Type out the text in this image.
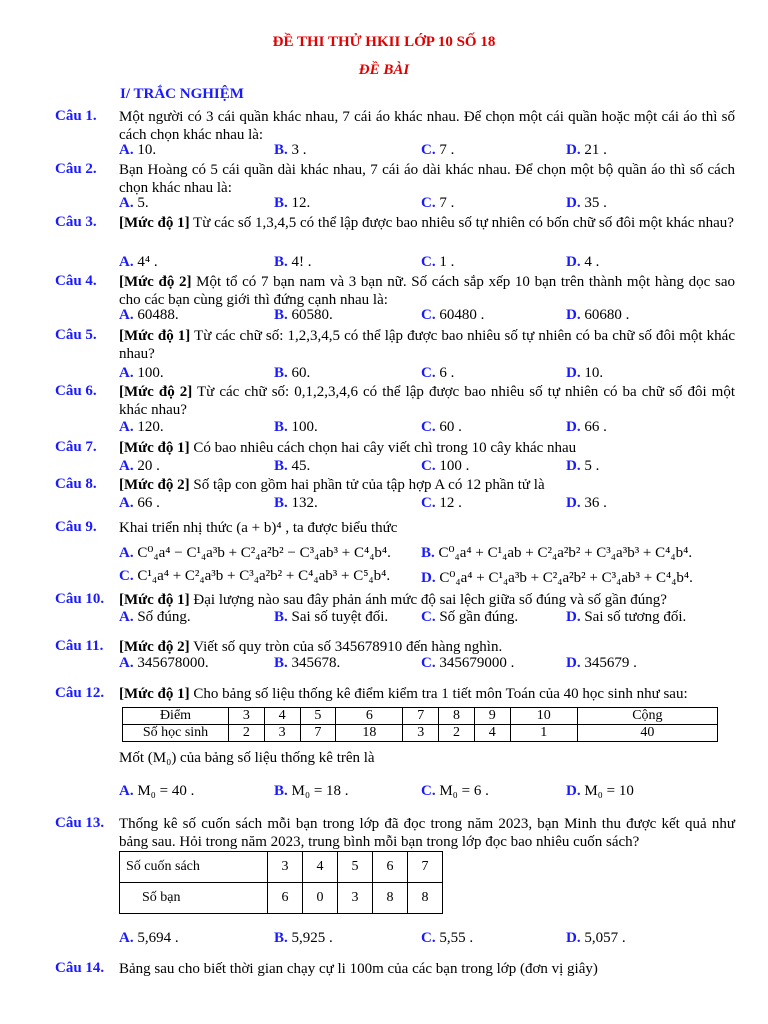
ĐỀ THI THỬ HKII LỚP 10 SỐ 18
ĐỀ BÀI
I/ TRẮC NGHIỆM
Câu 1. Một người có 3 cái quần khác nhau, 7 cái áo khác nhau. Để chọn một cái quần hoặc một cái áo thì số cách chọn khác nhau là:
Câu 2. Bạn Hoàng có 5 cái quần dài khác nhau, 7 cái áo dài khác nhau. Để chọn một bộ quần áo thì số cách chọn khác nhau là:
Câu 3. [Mức độ 1] Từ các số 1,3,4,5 có thể lập được bao nhiêu số tự nhiên có bốn chữ số đôi một khác nhau?
Câu 4. [Mức độ 2] Một tổ có 7 bạn nam và 3 bạn nữ. Số cách sắp xếp 10 bạn trên thành một hàng dọc sao cho các bạn cùng giới thì đứng cạnh nhau là:
Câu 5. [Mức độ 1] Từ các chữ số: 1,2,3,4,5 có thể lập được bao nhiêu số tự nhiên có ba chữ số đôi một khác nhau?
Câu 6. [Mức độ 2] Từ các chữ số: 0,1,2,3,4,6 có thể lập được bao nhiêu số tự nhiên có ba chữ số đôi một khác nhau?
Câu 7. [Mức độ 1] Có bao nhiêu cách chọn hai cây viết chì trong 10 cây khác nhau
Câu 8. [Mức độ 2] Số tập con gồm hai phần tử của tập hợp A có 12 phần tử là
Câu 9. Khai triển nhị thức (a + b)⁴ , ta được biểu thức
Câu 10. [Mức độ 1] Đại lượng nào sau đây phản ánh mức độ sai lệch giữa số đúng và số gần đúng?
Câu 11. [Mức độ 2] Viết số quy tròn của số 345678910 đến hàng nghìn.
Câu 12. [Mức độ 1] Cho bảng số liệu thống kê điểm kiểm tra 1 tiết môn Toán của 40 học sinh như sau:
Câu 13. Thống kê số cuốn sách mỗi bạn trong lớp đã đọc trong năm 2023, bạn Minh thu được kết quả như bảng sau. Hỏi trong năm 2023, trung bình mỗi bạn trong lớp đọc bao nhiêu cuốn sách?
Câu 14. Bảng sau cho biết thời gian chạy cự li 100m của các bạn trong lớp (đơn vị giây)
Mốt (M₀) của bảng số liệu thống kê trên là
Điểm	3	4	5	6	7	8	9	10	Cộng
Số học sinh	2	3	7	18	3	2	4	1	40
Số cuốn sách	3	4	5	6	7
Số bạn	6	0	3	8	8
A. 10.	B. 3 .	C. 7 .	D. 21 .
A. 5.	B. 12.	C. 7 .	D. 35 .
A. 4⁴ .	B. 4! .	C. 1 .	D. 4 .
A. 60488.	B. 60580.	C. 60480 .	D. 60680 .
A. 100.	B. 60.	C. 6 .	D. 10.
A. 120.	B. 100.	C. 60 .	D. 66 .
A. 20 .	B. 45.	C. 100 .	D. 5 .
A. 66 .	B. 132.	C. 12 .	D. 36 .
A. C⁰₄a⁴ − C¹₄a³b + C²₄a²b² − C³₄ab³ + C⁴₄b⁴. B. C⁰₄a⁴ + C¹₄ab + C²₄a²b² + C³₄a³b³ + C⁴₄b⁴.
C. C¹₄a⁴ + C²₄a³b + C³₄a²b² + C⁴₄ab³ + C⁵₄b⁴. D. C⁰₄a⁴ + C¹₄a³b + C²₄a²b² + C³₄ab³ + C⁴₄b⁴.
A. Số đúng.	B. Sai số tuyệt đối. C. Số gần đúng.	D. Sai số tương đối.
A. 345678000.	B. 345678.	C. 345679000 .	D. 345679 .
A. M₀ = 40 .	B. M₀ = 18 .	C. M₀ = 6 .	D. M₀ = 10
A. 5,694 .	B. 5,925 .	C. 5,55 .	D. 5,057 .
